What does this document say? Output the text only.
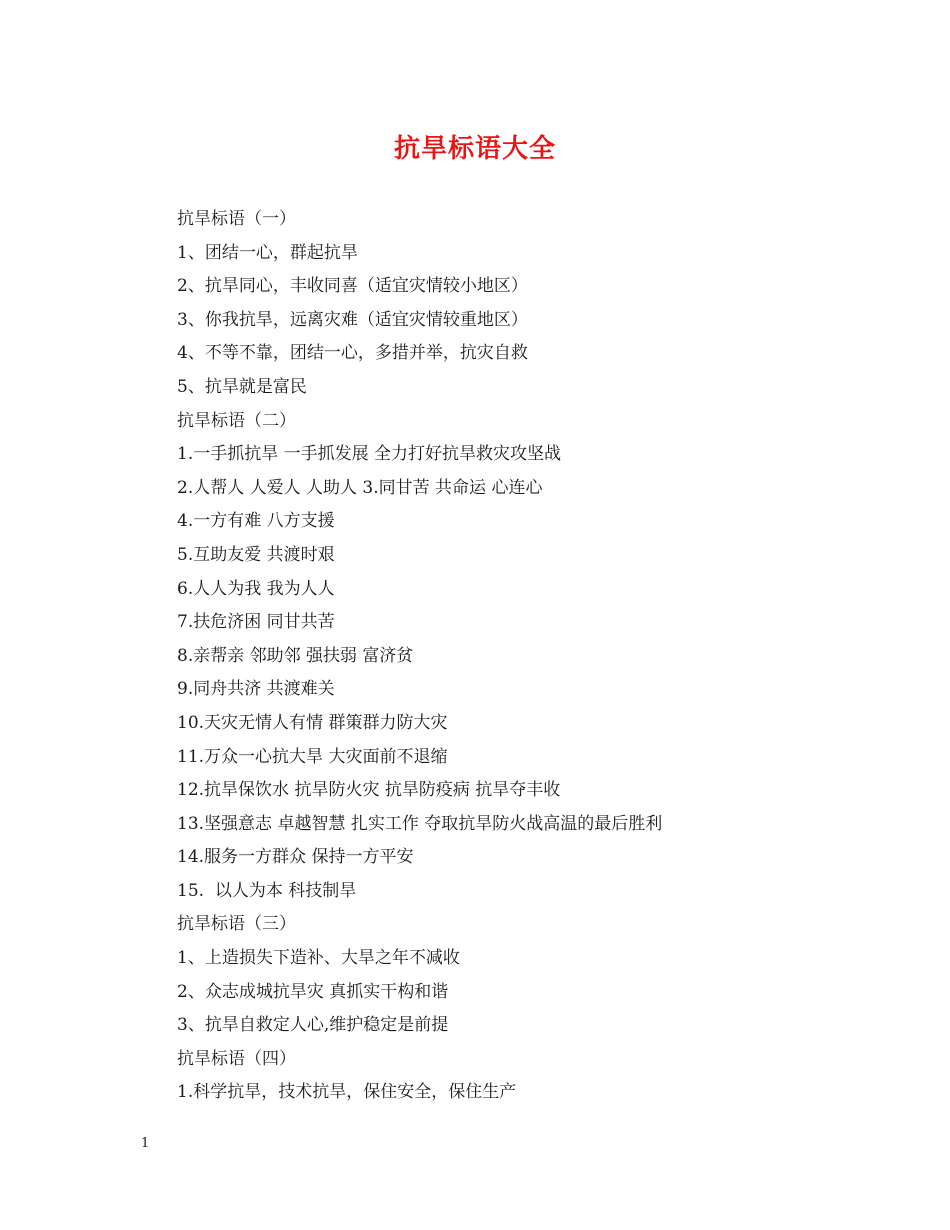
抗旱标语大全
抗旱标语（一）
1、团结一心，群起抗旱
2、抗旱同心，丰收同喜（适宜灾情较小地区）
3、你我抗旱，远离灾难（适宜灾情较重地区）
4、不等不靠，团结一心，多措并举，抗灾自救
5、抗旱就是富民
抗旱标语（二）
1.一手抓抗旱 一手抓发展 全力打好抗旱救灾攻坚战
2.人帮人 人爱人 人助人 3.同甘苦 共命运 心连心
4.一方有难 八方支援
5.互助友爱 共渡时艰
6.人人为我 我为人人
7.扶危济困 同甘共苦
8.亲帮亲 邻助邻 强扶弱 富济贫
9.同舟共济 共渡难关
10.天灾无情人有情 群策群力防大灾
11.万众一心抗大旱 大灾面前不退缩
12.抗旱保饮水 抗旱防火灾 抗旱防疫病 抗旱夺丰收
13.坚强意志 卓越智慧 扎实工作 夺取抗旱防火战高温的最后胜利
14.服务一方群众 保持一方平安
15.  以人为本 科技制旱
抗旱标语（三）
1、上造损失下造补、大旱之年不减收
2、众志成城抗旱灾 真抓实干构和谐
3、抗旱自救定人心,维护稳定是前提
抗旱标语（四）
1.科学抗旱，技术抗旱，保住安全，保住生产
1
